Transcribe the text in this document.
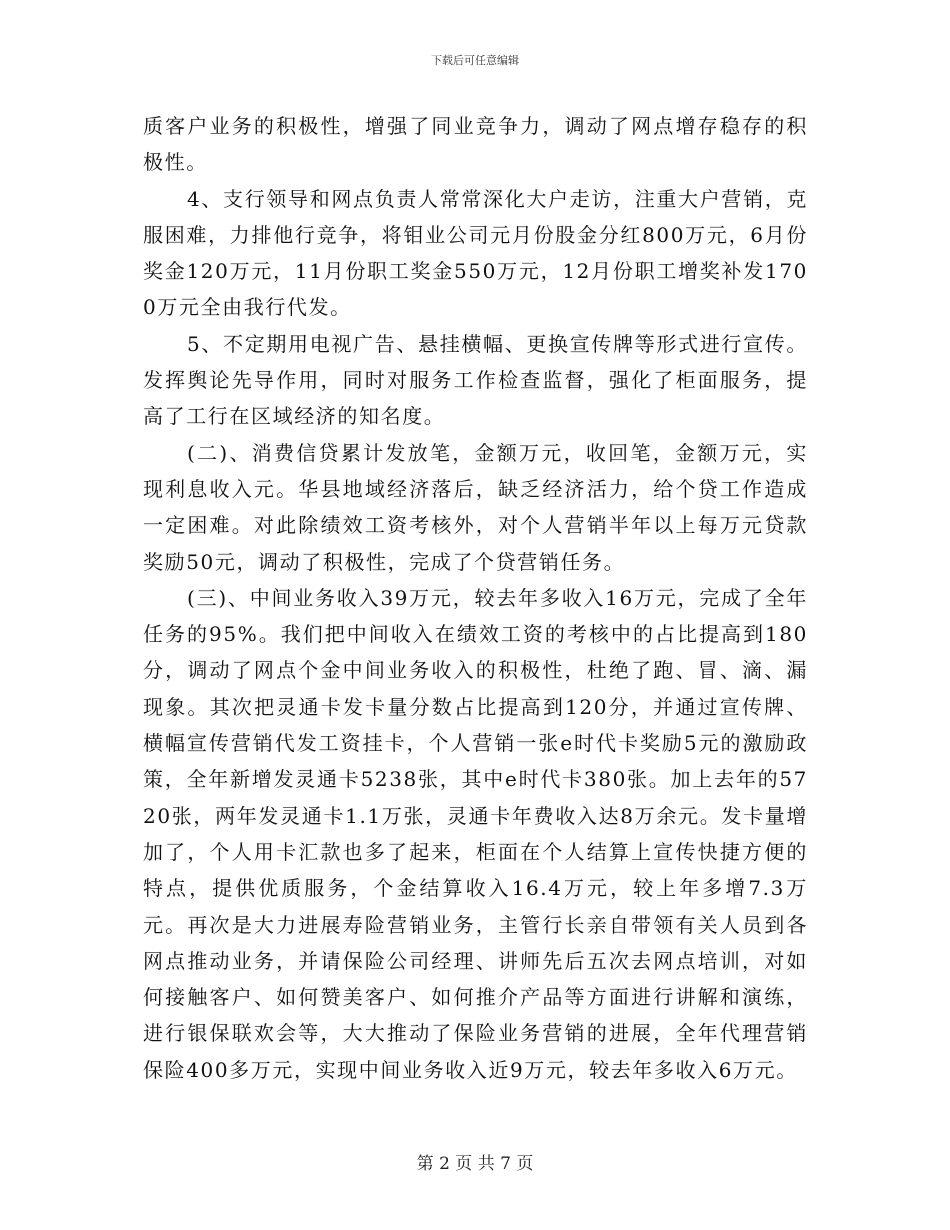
下载后可任意编辑

质客户业务的积极性，增强了同业竞争力，调动了网点增存稳存的积极性。

4、支行领导和网点负责人常常深化大户走访，注重大户营销，克服困难，力排他行竞争，将钼业公司元月份股金分红800万元，6月份奖金120万元，11月份职工奖金550万元，12月份职工增奖补发1700万元全由我行代发。

5、不定期用电视广告、悬挂横幅、更换宣传牌等形式进行宣传。发挥舆论先导作用，同时对服务工作检查监督，强化了柜面服务，提高了工行在区域经济的知名度。

(二)、消费信贷累计发放笔，金额万元，收回笔，金额万元，实现利息收入元。华县地域经济落后，缺乏经济活力，给个贷工作造成一定困难。对此除绩效工资考核外，对个人营销半年以上每万元贷款奖励50元，调动了积极性，完成了个贷营销任务。

(三)、中间业务收入39万元，较去年多收入16万元，完成了全年任务的95%。我们把中间收入在绩效工资的考核中的占比提高到180分，调动了网点个金中间业务收入的积极性，杜绝了跑、冒、滴、漏现象。其次把灵通卡发卡量分数占比提高到120分，并通过宣传牌、横幅宣传营销代发工资挂卡，个人营销一张e时代卡奖励5元的激励政策，全年新增发灵通卡5238张，其中e时代卡380张。加上去年的5720张，两年发灵通卡1.1万张，灵通卡年费收入达8万余元。发卡量增加了，个人用卡汇款也多了起来，柜面在个人结算上宣传快捷方便的特点，提供优质服务，个金结算收入16.4万元，较上年多增7.3万元。再次是大力进展寿险营销业务，主管行长亲自带领有关人员到各网点推动业务，并请保险公司经理、讲师先后五次去网点培训，对如何接触客户、如何赞美客户、如何推介产品等方面进行讲解和演练，进行银保联欢会等，大大推动了保险业务营销的进展，全年代理营销保险400多万元，实现中间业务收入近9万元，较去年多收入6万元。

第 2 页 共 7 页
